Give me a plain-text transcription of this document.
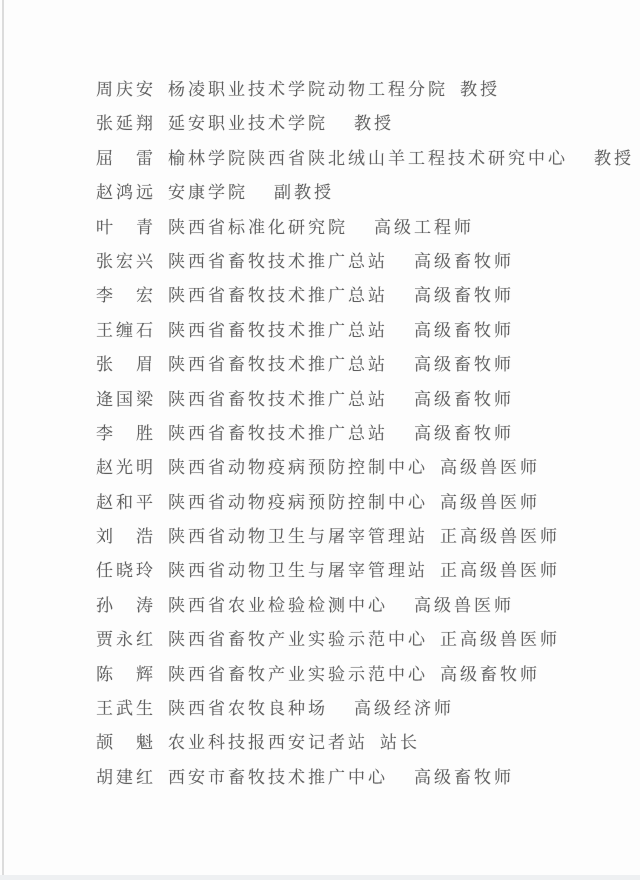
周庆安 杨凌职业技术学院动物工程分院 教授
张延翔 延安职业技术学院 教授
屈　雷 榆林学院陕西省陕北绒山羊工程技术研究中心 教授
赵鸿远 安康学院 副教授
叶　青 陕西省标准化研究院 高级工程师
张宏兴 陕西省畜牧技术推广总站 高级畜牧师
李　宏 陕西省畜牧技术推广总站 高级畜牧师
王缠石 陕西省畜牧技术推广总站 高级畜牧师
张　眉 陕西省畜牧技术推广总站 高级畜牧师
逄国梁 陕西省畜牧技术推广总站 高级畜牧师
李　胜 陕西省畜牧技术推广总站 高级畜牧师
赵光明 陕西省动物疫病预防控制中心 高级兽医师
赵和平 陕西省动物疫病预防控制中心 高级兽医师
刘　浩 陕西省动物卫生与屠宰管理站 正高级兽医师
任晓玲 陕西省动物卫生与屠宰管理站 正高级兽医师
孙　涛 陕西省农业检验检测中心 高级兽医师
贾永红 陕西省畜牧产业实验示范中心 正高级兽医师
陈　辉 陕西省畜牧产业实验示范中心 高级畜牧师
王武生 陕西省农牧良种场 高级经济师
颉　魁 农业科技报西安记者站 站长
胡建红 西安市畜牧技术推广中心 高级畜牧师
